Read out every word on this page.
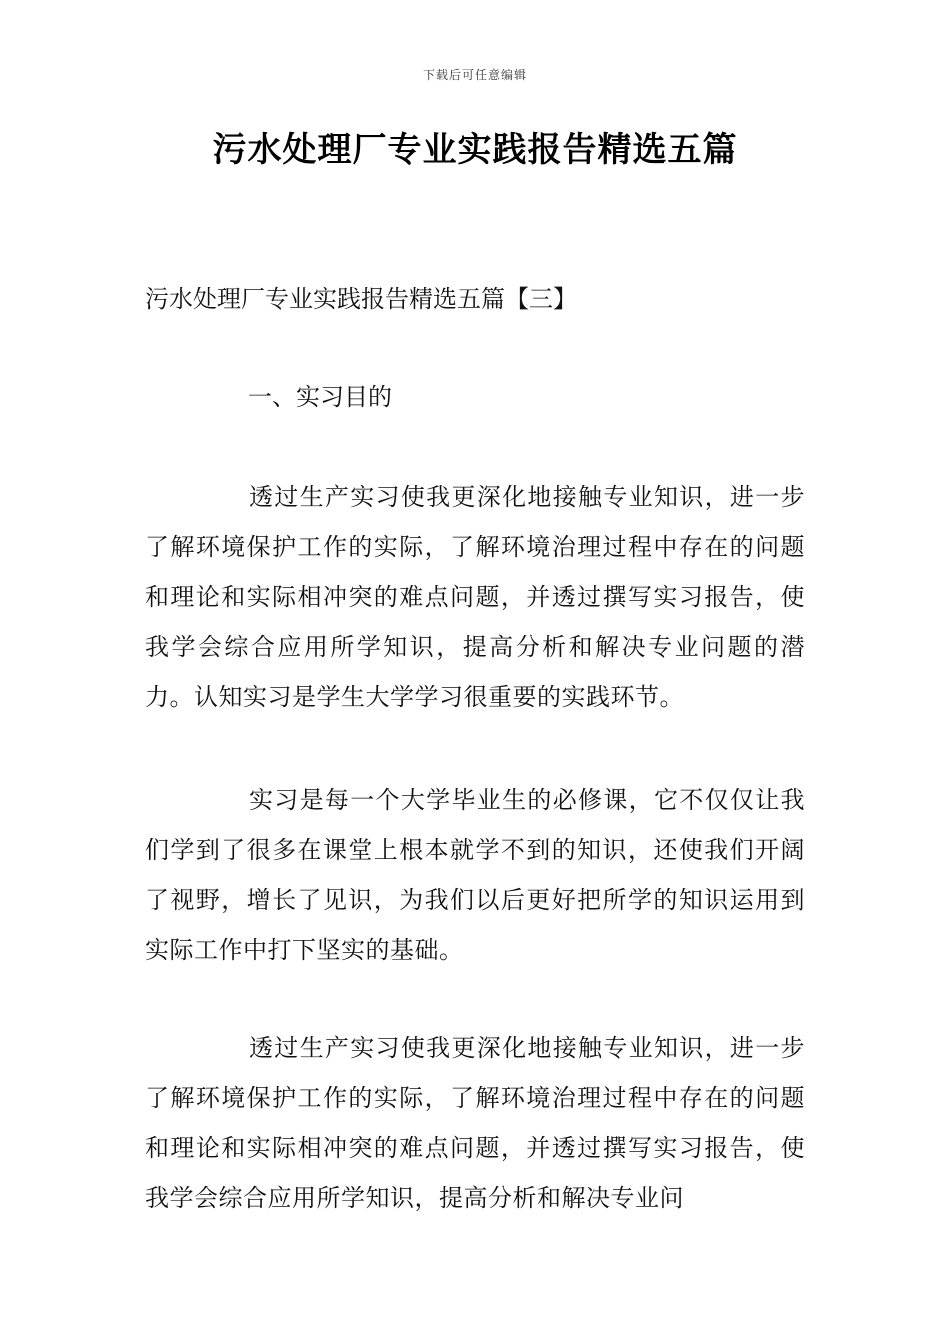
下载后可任意编辑
污水处理厂专业实践报告精选五篇
污水处理厂专业实践报告精选五篇【三】
一、实习目的

透过生产实习使我更深化地接触专业知识，进一步了解环境保护工作的实际，了解环境治理过程中存在的问题和理论和实际相冲突的难点问题，并透过撰写实习报告，使我学会综合应用所学知识，提高分析和解决专业问题的潜力。认知实习是学生大学学习很重要的实践环节。

实习是每一个大学毕业生的必修课，它不仅仅让我们学到了很多在课堂上根本就学不到的知识，还使我们开阔了视野，增长了见识，为我们以后更好把所学的知识运用到实际工作中打下坚实的基础。

透过生产实习使我更深化地接触专业知识，进一步了解环境保护工作的实际，了解环境治理过程中存在的问题和理论和实际相冲突的难点问题，并透过撰写实习报告，使我学会综合应用所学知识，提高分析和解决专业问
